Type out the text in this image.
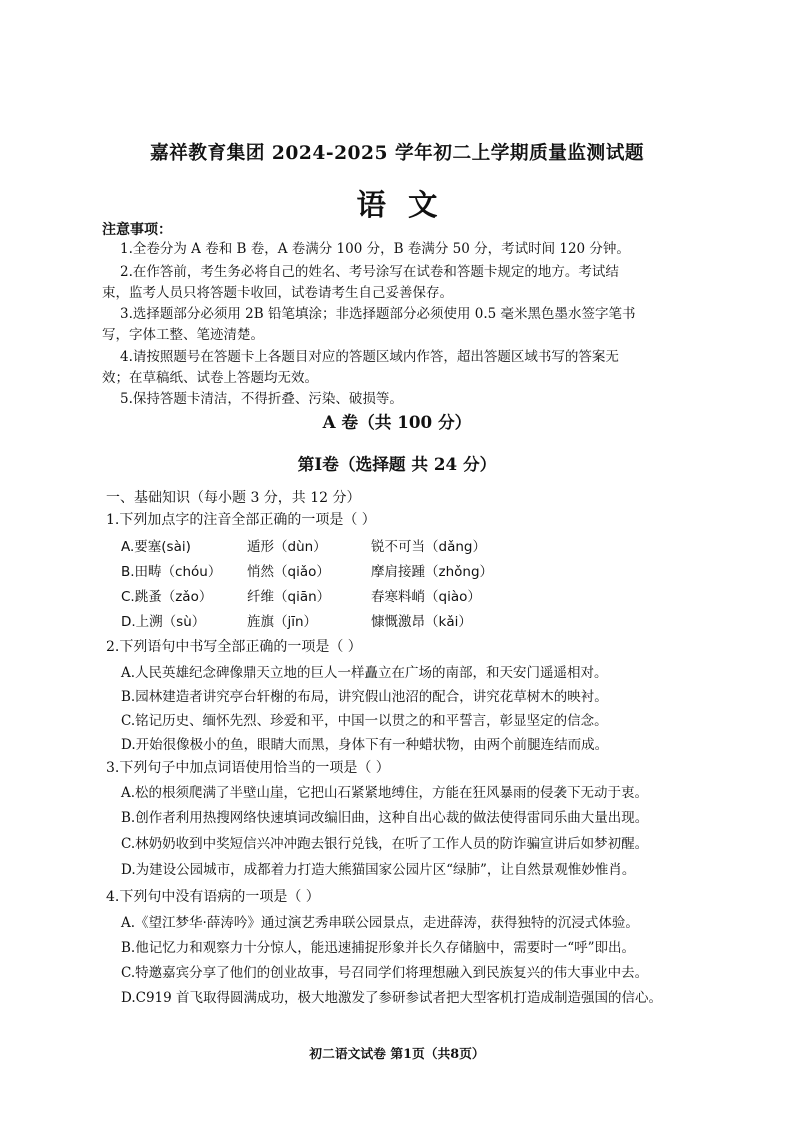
嘉祥教育集团 2024-2025 学年初二上学期质量监测试题
语文
注意事项：
1.全卷分为 A 卷和 B 卷，A 卷满分 100 分，B 卷满分 50 分，考试时间 120 分钟。
2.在作答前，考生务必将自己的姓名、考号涂写在试卷和答题卡规定的地方。考试结
束，监考人员只将答题卡收回，试卷请考生自己妥善保存。
3.选择题部分必须用 2B 铅笔填涂；非选择题部分必须使用 0.5 毫米黑色墨水签字笔书
写，字体工整、笔迹清楚。
4.请按照题号在答题卡上各题目对应的答题区域内作答，超出答题区域书写的答案无
效；在草稿纸、试卷上答题均无效。
5.保持答题卡清洁，不得折叠、污染、破损等。
A 卷（共 100 分）
第Ⅰ卷（选择题 共 24 分）
一、基础知识（每小题 3 分，共 12 分）
1.下列加点字的注音全部正确的一项是（ ）
A.要塞(sài)	遁形（dùn）	锐不可当（dǎng）
B.田畴（chóu） 悄然（qiǎo）	摩肩接踵（zhǒng）
C.跳蚤（zǎo）	纤维（qiān）	春寒料峭（qiào）
D.上溯（sù）	旌旗（jīn）	慷慨激昂（kǎi）
2.下列语句中书写全部正确的一项是（ ）
A.人民英雄纪念碑像鼎天立地的巨人一样矗立在广场的南部，和天安门遥遥相对。
B.园林建造者讲究亭台轩榭的布局，讲究假山池沼的配合，讲究花草树木的映衬。
C.铭记历史、缅怀先烈、珍爱和平，中国一以贯之的和平誓言，彰显坚定的信念。
D.开始很像极小的鱼，眼睛大而黑，身体下有一种蜡状物，由两个前腿连结而成。
3.下列句子中加点词语使用恰当的一项是（ ）
A.松的根须爬满了半壁山崖，它把山石紧紧地缚住，方能在狂风暴雨的侵袭下无动于衷。
B.创作者利用热搜网络快速填词改编旧曲，这种自出心裁的做法使得雷同乐曲大量出现。
C.林奶奶收到中奖短信兴冲冲跑去银行兑钱，在听了工作人员的防诈骗宣讲后如梦初醒。
D.为建设公园城市，成都着力打造大熊猫国家公园片区“绿肺”，让自然景观惟妙惟肖。
4.下列句中没有语病的一项是（ ）
A.《望江梦华·薛涛吟》通过演艺秀串联公园景点，走进薛涛，获得独特的沉浸式体验。
B.他记忆力和观察力十分惊人，能迅速捕捉形象并长久存储脑中，需要时一“呼”即出。
C.特邀嘉宾分享了他们的创业故事，号召同学们将理想融入到民族复兴的伟大事业中去。
D.C919 首飞取得圆满成功，极大地激发了参研参试者把大型客机打造成制造强国的信心。
初二语文试卷 第1页（共8页）
